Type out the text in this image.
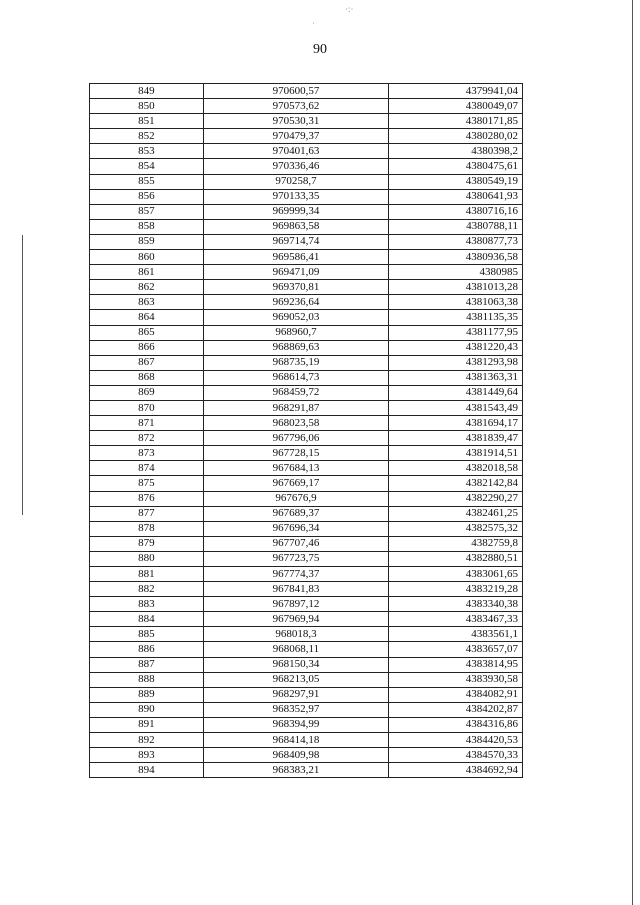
·:·
·
90
849	970600,57	4379941,04
850	970573,62	4380049,07
851	970530,31	4380171,85
852	970479,37	4380280,02
853	970401,63	4380398,2
854	970336,46	4380475,61
855	970258,7	4380549,19
856	970133,35	4380641,93
857	969999,34	4380716,16
858	969863,58	4380788,11
859	969714,74	4380877,73
860	969586,41	4380936,58
861	969471,09	4380985
862	969370,81	4381013,28
863	969236,64	4381063,38
864	969052,03	4381135,35
865	968960,7	4381177,95
866	968869,63	4381220,43
867	968735,19	4381293,98
868	968614,73	4381363,31
869	968459,72	4381449,64
870	968291,87	4381543,49
871	968023,58	4381694,17
872	967796,06	4381839,47
873	967728,15	4381914,51
874	967684,13	4382018,58
875	967669,17	4382142,84
876	967676,9	4382290,27
877	967689,37	4382461,25
878	967696,34	4382575,32
879	967707,46	4382759,8
880	967723,75	4382880,51
881	967774,37	4383061,65
882	967841,83	4383219,28
883	967897,12	4383340,38
884	967969,94	4383467,33
885	968018,3	4383561,1
886	968068,11	4383657,07
887	968150,34	4383814,95
888	968213,05	4383930,58
889	968297,91	4384082,91
890	968352,97	4384202,87
891	968394,99	4384316,86
892	968414,18	4384420,53
893	968409,98	4384570,33
894	968383,21	4384692,94
